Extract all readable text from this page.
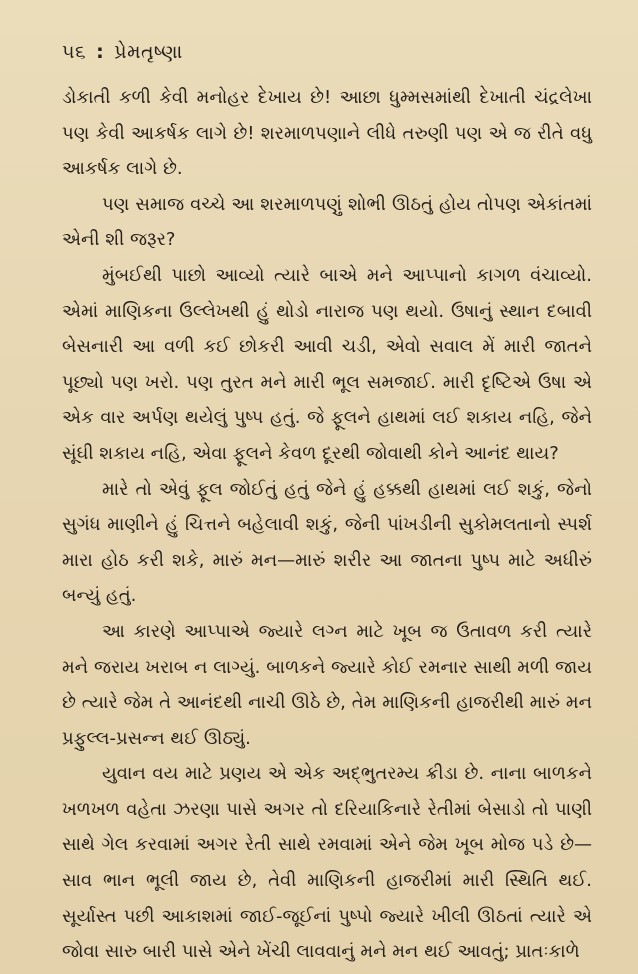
૫૬ : પ્રેમતૃષ્ણા

ડોકાતી કળી કેવી મનોહર દેખાય છે! આછા ધુમ્મસમાંથી દેખાતી ચંદ્રલેખા પણ કેવી આકર્ષક લાગે છે! શરમાળપણાને લીધે તરુણી પણ એ જ રીતે વધુ આકર્ષક લાગે છે.

પણ સમાજ વચ્ચે આ શરમાળપણું શોભી ઊઠતું હોય તોપણ એકાંતમાં એની શી જરૂર?

મુંબઈથી પાછો આવ્યો ત્યારે બાએ મને આપ્પાનો કાગળ વંચાવ્યો. એમાં માણિકના ઉલ્લેખથી હું થોડો નારાજ પણ થયો. ઉષાનું સ્થાન દબાવી બેસનારી આ વળી કઈ છોકરી આવી ચડી, એવો સવાલ મેં મારી જાતને પૂછ્યો પણ ખરો. પણ તુરત મને મારી ભૂલ સમજાઈ. મારી દૃષ્ટિએ ઉષા એ એક વાર અર્પણ થયેલું પુષ્પ હતું. જે ફૂલને હાથમાં લઈ શકાય નહિ, જેને સૂંઘી શકાય નહિ, એવા ફૂલને કેવળ દૂરથી જોવાથી કોને આનંદ થાય?

મારે તો એવું ફૂલ જોઈતું હતું જેને હું હક્કથી હાથમાં લઈ શકું, જેનો સુગંધ માણીને હું ચિત્તને બહેલાવી શકું, જેની પાંખડીની સુકોમલતાનો સ્પર્શ મારા હોઠ કરી શકે, મારું મન—મારું શરીર આ જાતના પુષ્પ માટે અધીરું બન્યું હતું.

આ કારણે આપ્પાએ જ્યારે લગ્ન માટે ખૂબ જ ઉતાવળ કરી ત્યારે મને જરાય ખરાબ ન લાગ્યું. બાળકને જ્યારે કોઈ રમનાર સાથી મળી જાય છે ત્યારે જેમ તે આનંદથી નાચી ઊઠે છે, તેમ માણિકની હાજરીથી મારું મન પ્રફુલ્લ-પ્રસન્ન થઈ ઊઠ્યું.

યુવાન વય માટે પ્રણય એ એક અદ્ભુતરમ્ય ક્રીડા છે. નાના બાળકને ખળખળ વહેતા ઝરણા પાસે અગર તો દરિયાકિનારે રેતીમાં બેસાડો તો પાણી સાથે ગેલ કરવામાં અગર રેતી સાથે રમવામાં એને જેમ ખૂબ મોજ પડે છે—સાવ ભાન ભૂલી જાય છે, તેવી માણિકની હાજરીમાં મારી સ્થિતિ થઈ. સૂર્યાસ્ત પછી આકાશમાં જાઈ-જૂઈનાં પુષ્પો જ્યારે ખીલી ઊઠતાં ત્યારે એ જોવા સારુ બારી પાસે એને ખેંચી લાવવાનું મને મન થઈ આવતું; પ્રાતઃકાળે
